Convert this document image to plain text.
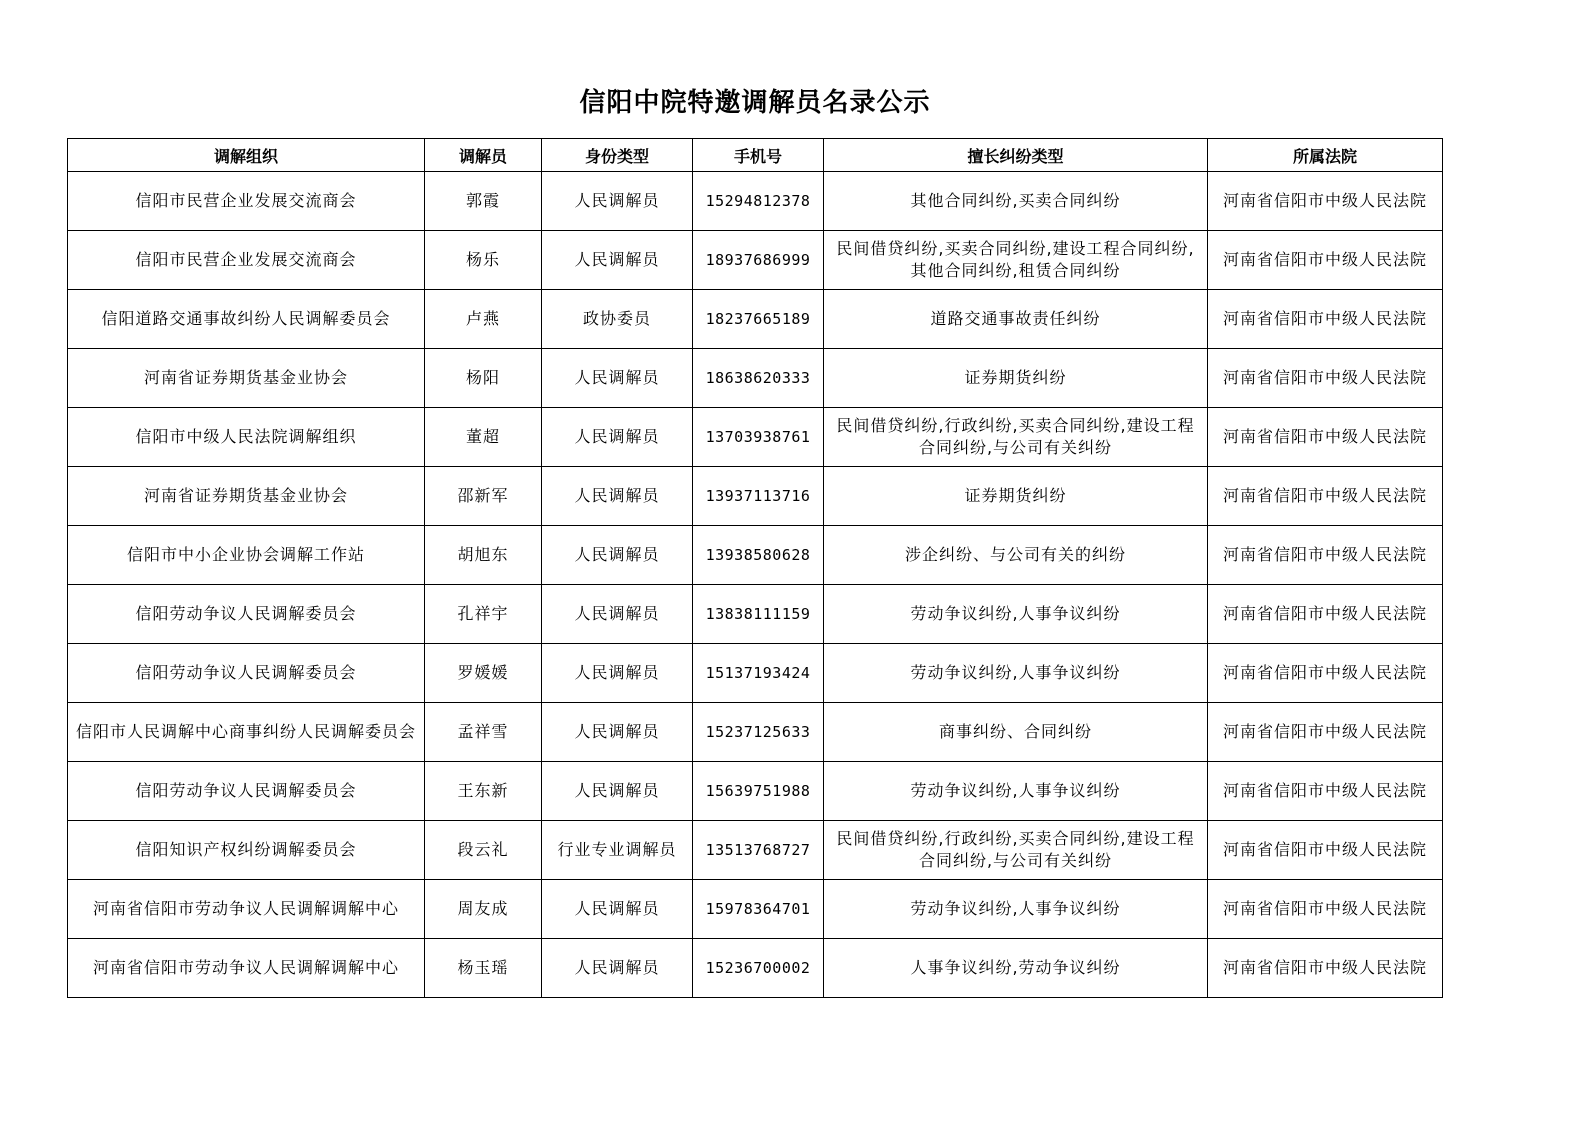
信阳中院特邀调解员名录公示
调解组织	调解员	身份类型	手机号	擅长纠纷类型	所属法院
信阳市民营企业发展交流商会	郭霞	人民调解员	15294812378	其他合同纠纷,买卖合同纠纷	河南省信阳市中级人民法院
信阳市民营企业发展交流商会	杨乐	人民调解员	18937686999	民间借贷纠纷,买卖合同纠纷,建设工程合同纠纷,其他合同纠纷,租赁合同纠纷	河南省信阳市中级人民法院
信阳道路交通事故纠纷人民调解委员会	卢燕	政协委员	18237665189	道路交通事故责任纠纷	河南省信阳市中级人民法院
河南省证券期货基金业协会	杨阳	人民调解员	18638620333	证券期货纠纷	河南省信阳市中级人民法院
信阳市中级人民法院调解组织	董超	人民调解员	13703938761	民间借贷纠纷,行政纠纷,买卖合同纠纷,建设工程合同纠纷,与公司有关纠纷	河南省信阳市中级人民法院
河南省证券期货基金业协会	邵新军	人民调解员	13937113716	证券期货纠纷	河南省信阳市中级人民法院
信阳市中小企业协会调解工作站	胡旭东	人民调解员	13938580628	涉企纠纷、与公司有关的纠纷	河南省信阳市中级人民法院
信阳劳动争议人民调解委员会	孔祥宇	人民调解员	13838111159	劳动争议纠纷,人事争议纠纷	河南省信阳市中级人民法院
信阳劳动争议人民调解委员会	罗媛媛	人民调解员	15137193424	劳动争议纠纷,人事争议纠纷	河南省信阳市中级人民法院
信阳市人民调解中心商事纠纷人民调解委员会	孟祥雪	人民调解员	15237125633	商事纠纷、合同纠纷	河南省信阳市中级人民法院
信阳劳动争议人民调解委员会	王东新	人民调解员	15639751988	劳动争议纠纷,人事争议纠纷	河南省信阳市中级人民法院
信阳知识产权纠纷调解委员会	段云礼	行业专业调解员	13513768727	民间借贷纠纷,行政纠纷,买卖合同纠纷,建设工程合同纠纷,与公司有关纠纷	河南省信阳市中级人民法院
河南省信阳市劳动争议人民调解调解中心	周友成	人民调解员	15978364701	劳动争议纠纷,人事争议纠纷	河南省信阳市中级人民法院
河南省信阳市劳动争议人民调解调解中心	杨玉瑶	人民调解员	15236700002	人事争议纠纷,劳动争议纠纷	河南省信阳市中级人民法院
